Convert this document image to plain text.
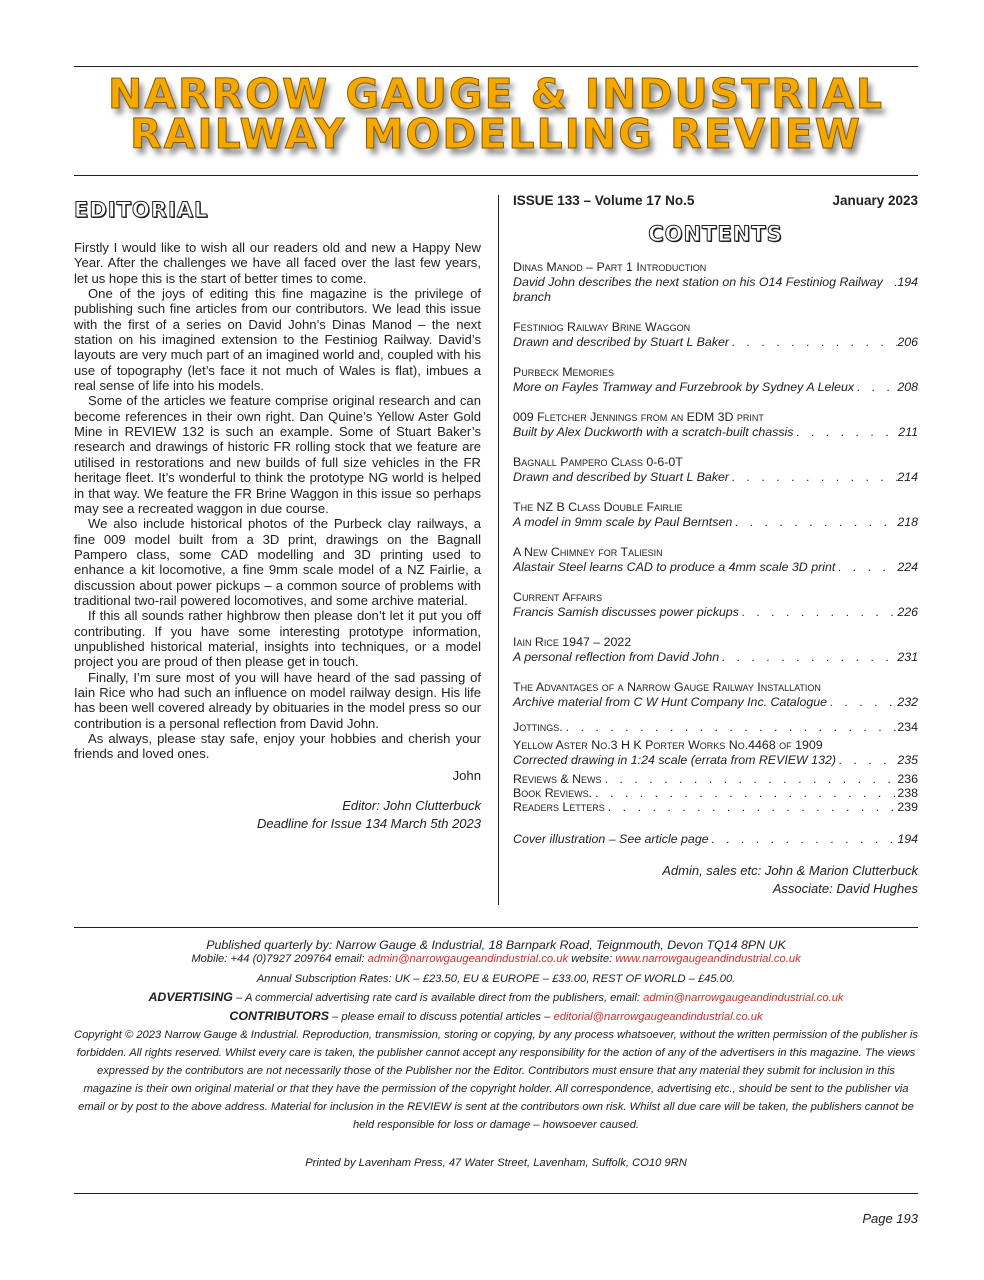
NARROW GAUGE & INDUSTRIAL
RAILWAY MODELLING REVIEW
EDITORIAL

Firstly I would like to wish all our readers old and new a Happy New Year. After the challenges we have all faced over the last few years, let us hope this is the start of better times to come.

One of the joys of editing this fine magazine is the privilege of publishing such fine articles from our contributors. We lead this issue with the first of a series on David John’s Dinas Manod – the next station on his imagined extension to the Festiniog Railway. David’s layouts are very much part of an imagined world and, coupled with his use of topography (let’s face it not much of Wales is flat), imbues a real sense of life into his models.

Some of the articles we feature comprise original research and can become references in their own right. Dan Quine’s Yellow Aster Gold Mine in REVIEW 132 is such an example. Some of Stuart Baker’s research and drawings of historic FR rolling stock that we feature are utilised in restorations and new builds of full size vehicles in the FR heritage fleet. It’s wonderful to think the prototype NG world is helped in that way. We feature the FR Brine Waggon in this issue so perhaps may see a recreated waggon in due course.

We also include historical photos of the Purbeck clay railways, a fine 009 model built from a 3D print, drawings on the Bagnall Pampero class, some CAD modelling and 3D printing used to enhance a kit locomotive, a fine 9mm scale model of a NZ Fairlie, a discussion about power pickups – a common source of problems with traditional two-rail powered locomotives, and some archive material.

If this all sounds rather highbrow then please don’t let it put you off contributing. If you have some interesting prototype information, unpublished historical material, insights into techniques, or a model project you are proud of then please get in touch.

Finally, I’m sure most of you will have heard of the sad passing of Iain Rice who had such an influence on model railway design. His life has been well covered already by obituaries in the model press so our contribution is a personal reflection from David John.

As always, please stay safe, enjoy your hobbies and cherish your friends and loved ones.

John
Editor: John Clutterbuck
Deadline for Issue 134 March 5th 2023
ISSUE 133 – Volume 17 No.5	January 2023
CONTENTS
Dinas Manod – Part 1 Introduction
David John describes the next station on his O14 Festiniog Railway branch
. . .
194
Festiniog Railway Brine Waggon
Drawn and described by Stuart L Baker . . .	206
Purbeck Memories
More on Fayles Tramway and Furzebrook by Sydney A Leleux . . .	208
009 Fletcher Jennings from an EDM 3D print
Built by Alex Duckworth with a scratch-built chassis . . .	211
Bagnall Pampero Class 0-6-0T
Drawn and described by Stuart L Baker . . .	214
The NZ B Class Double Fairlie
A model in 9mm scale by Paul Berntsen . . .	218
A New Chimney for Taliesin
Alastair Steel learns CAD to produce a 4mm scale 3D print . . .	224
Current Affairs
Francis Samish discusses power pickups . . .	226
Iain Rice 1947 – 2022
A personal reflection from David John . . .	231
The Advantages of a Narrow Gauge Railway Installation
Archive material from C W Hunt Company Inc. Catalogue . . .	232
Jottings. . . .	234
Yellow Aster No.3 H K Porter Works No.4468 of 1909
Corrected drawing in 1:24 scale (errata from REVIEW 132) . . .	235
Reviews & News . . .	236
Book Reviews. . . .	238
Readers Letters . . .	239
Cover illustration – See article page . . .	194
Admin, sales etc: John & Marion Clutterbuck
Associate: David Hughes
Published quarterly by: Narrow Gauge & Industrial, 18 Barnpark Road, Teignmouth, Devon TQ14 8PN UK
Mobile: +44 (0)7927 209764 email: admin@narrowgaugeandindustrial.co.uk website: www.narrowgaugeandindustrial.co.uk
Annual Subscription Rates: UK – £23.50, EU & EUROPE – £33.00, REST OF WORLD – £45.00.
ADVERTISING – A commercial advertising rate card is available direct from the publishers, email: admin@narrowgaugeandindustrial.co.uk
CONTRIBUTORS – please email to discuss potential articles – editorial@narrowgaugeandindustrial.co.uk
Copyright © 2023 Narrow Gauge & Industrial. Reproduction, transmission, storing or copying, by any process whatsoever, without the written permission of the publisher is forbidden. All rights reserved. Whilst every care is taken, the publisher cannot accept any responsibility for the action of any of the advertisers in this magazine. The views expressed by the contributors are not necessarily those of the Publisher nor the Editor. Contributors must ensure that any material they submit for inclusion in this magazine is their own original material or that they have the permission of the copyright holder. All correspondence, advertising etc., should be sent to the publisher via email or by post to the above address. Material for inclusion in the REVIEW is sent at the contributors own risk. Whilst all due care will be taken, the publishers cannot be held responsible for loss or damage – howsoever caused.
Printed by Lavenham Press, 47 Water Street, Lavenham, Suffolk, CO10 9RN
Page 193
